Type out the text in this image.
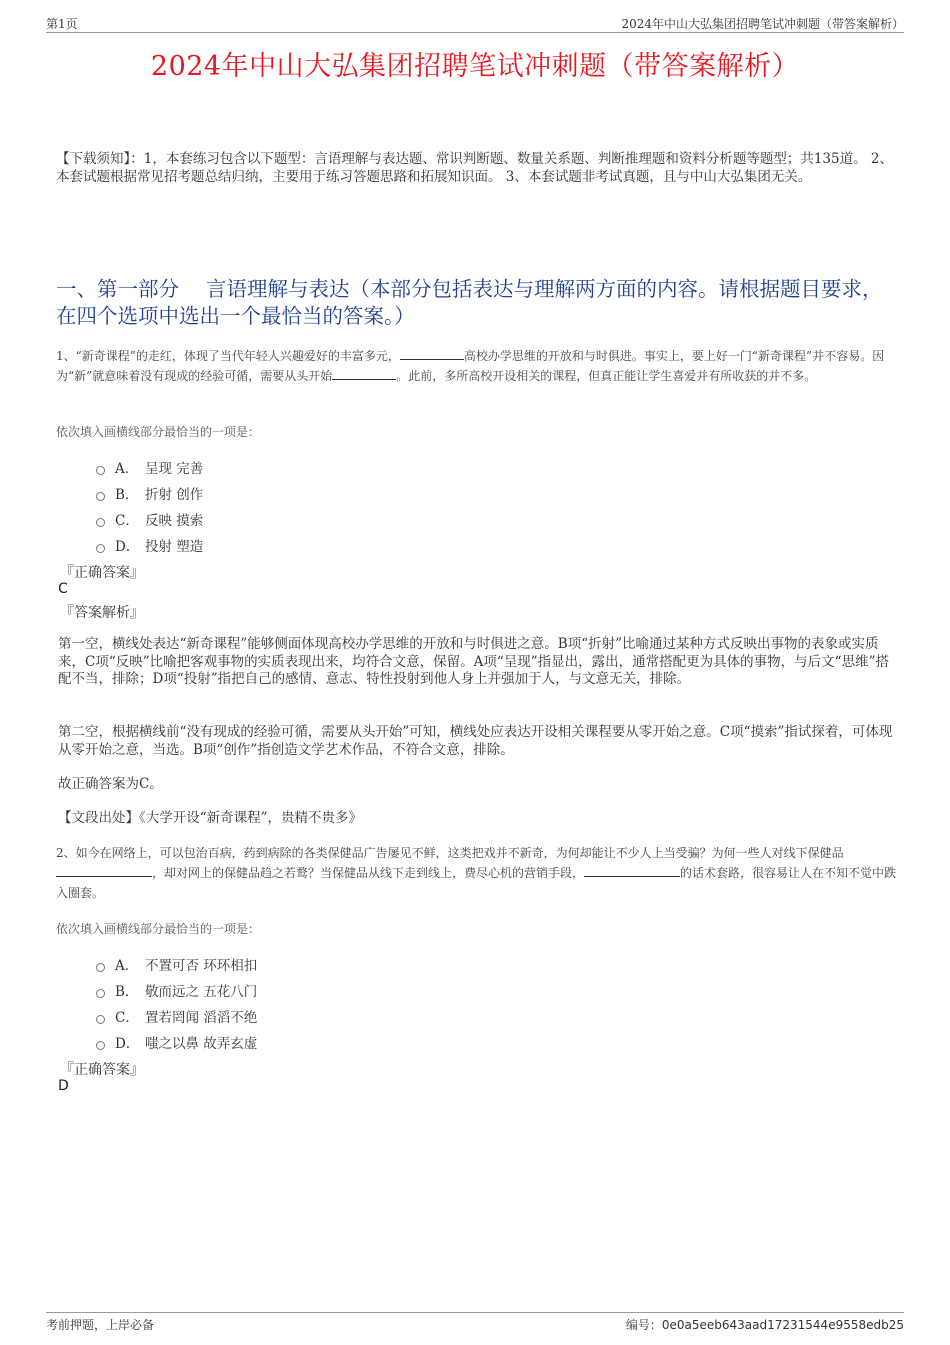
第1页	2024年中山大弘集团招聘笔试冲刺题（带答案解析）
2024年中山大弘集团招聘笔试冲刺题（带答案解析）
【下载须知】：1，本套练习包含以下题型：言语理解与表达题、常识判断题、数量关系题、判断推理题和资料分析题等题型；共135道。 2、本套试题根据常见招考题总结归纳，主要用于练习答题思路和拓展知识面。 3、本套试题非考试真题，且与中山大弘集团无关。
一、第一部分　 言语理解与表达（本部分包括表达与理解两方面的内容。请根据题目要求，在四个选项中选出一个最恰当的答案。）
1、“新奇课程”的走红，体现了当代年轻人兴趣爱好的丰富多元，	高校办学思维的开放和与时俱进。事实上，要上好一门“新奇课程”并不容易。因为“新”就意味着没有现成的经验可循，需要从头开始	。此前，多所高校开设相关的课程，但真正能让学生喜爱并有所收获的并不多。
依次填入画横线部分最恰当的一项是：
A． 呈现 完善
B． 折射 创作
C． 反映 摸索
D． 投射 塑造
『正确答案』
C
『答案解析』
第一空，横线处表达“新奇课程”能够侧面体现高校办学思维的开放和与时俱进之意。B项“折射”比喻通过某种方式反映出事物的表象或实质来，C项“反映”比喻把客观事物的实质表现出来，均符合文意，保留。A项“呈现”指显出，露出，通常搭配更为具体的事物，与后文“思维”搭配不当，排除；D项“投射”指把自己的感情、意志、特性投射到他人身上并强加于人，与文意无关，排除。
第二空，根据横线前“没有现成的经验可循，需要从头开始”可知，横线处应表达开设相关课程要从零开始之意。C项“摸索”指试探着，可体现从零开始之意，当选。B项“创作”指创造文学艺术作品，不符合文意，排除。
故正确答案为C。
【文段出处】《大学开设“新奇课程”，贵精不贵多》
2、如今在网络上，可以包治百病，药到病除的各类保健品广告屡见不鲜，这类把戏并不新奇，为何却能让不少人上当受骗？为何一些人对线下保健品，却对网上的保健品趋之若鹜？当保健品从线下走到线上，费尽心机的营销手段，	的话术套路，很容易让人在不知不觉中跌入圈套。
依次填入画横线部分最恰当的一项是：
A． 不置可否 环环相扣
B． 敬而远之 五花八门
C． 置若罔闻 滔滔不绝
D． 嗤之以鼻 故弄玄虚
『正确答案』
D
考前押题，上岸必备	编号：0e0a5eeb643aad17231544e9558edb25
